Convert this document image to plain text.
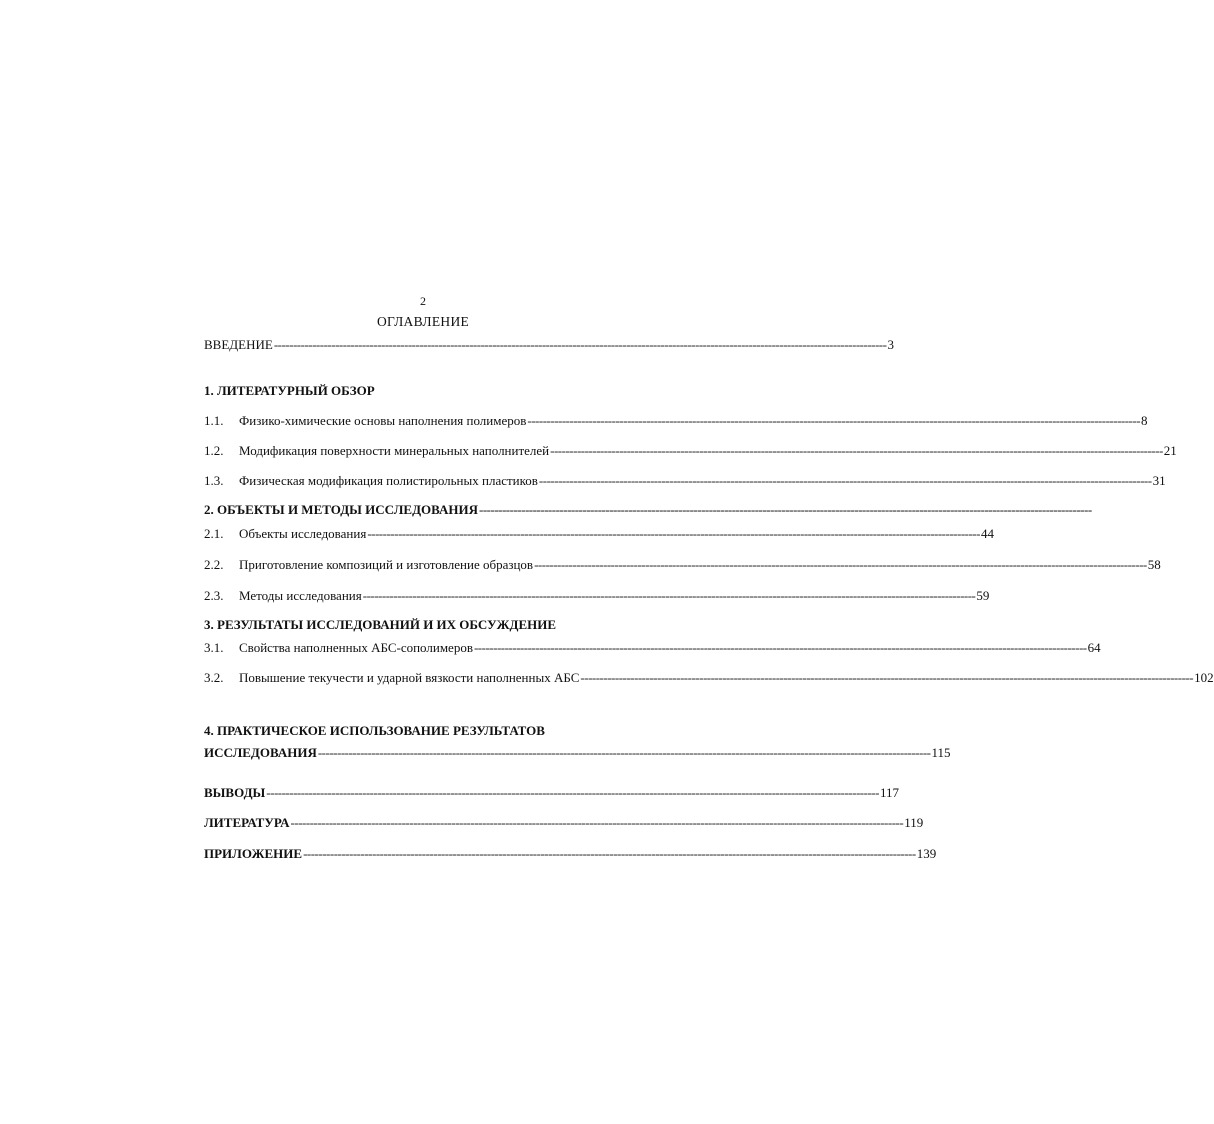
2
ОГЛАВЛЕНИЕ
ВВЕДЕНИЕ ---------------------------------------------------------------------------------------------------------------------------------------------------------------- 3
1. ЛИТЕРАТУРНЫЙ ОБЗОР
1.1.	Физико-химические основы наполнения полимеров ---------------------------------------------------------------------------------------------------------------------------------------------------------------- 8
1.2.	Модификация поверхности минеральных наполнителей ---------------------------------------------------------------------------------------------------------------------------------------------------------------- 21
1.3.	Физическая модификация полистирольных пластиков ---------------------------------------------------------------------------------------------------------------------------------------------------------------- 31
2. ОБЪЕКТЫ И МЕТОДЫ ИССЛЕДОВАНИЯ ----------------------------------------------------------------------------------------------------------------------------------------------------------------
2.1.	Объекты исследования ---------------------------------------------------------------------------------------------------------------------------------------------------------------- 44
2.2.	Приготовление композиций и изготовление образцов ---------------------------------------------------------------------------------------------------------------------------------------------------------------- 58
2.3.	Методы исследования ---------------------------------------------------------------------------------------------------------------------------------------------------------------- 59
3. РЕЗУЛЬТАТЫ ИССЛЕДОВАНИЙ И ИХ ОБСУЖДЕНИЕ
3.1.	Свойства наполненных АБС-сополимеров ---------------------------------------------------------------------------------------------------------------------------------------------------------------- 64
3.2.	Повышение текучести и ударной вязкости наполненных АБС ---------------------------------------------------------------------------------------------------------------------------------------------------------------- 102
4. ПРАКТИЧЕСКОЕ ИСПОЛЬЗОВАНИЕ РЕЗУЛЬТАТОВ
ИССЛЕДОВАНИЯ ---------------------------------------------------------------------------------------------------------------------------------------------------------------- 115
ВЫВОДЫ ---------------------------------------------------------------------------------------------------------------------------------------------------------------- 117
ЛИТЕРАТУРА ---------------------------------------------------------------------------------------------------------------------------------------------------------------- 119
ПРИЛОЖЕНИЕ ---------------------------------------------------------------------------------------------------------------------------------------------------------------- 139
